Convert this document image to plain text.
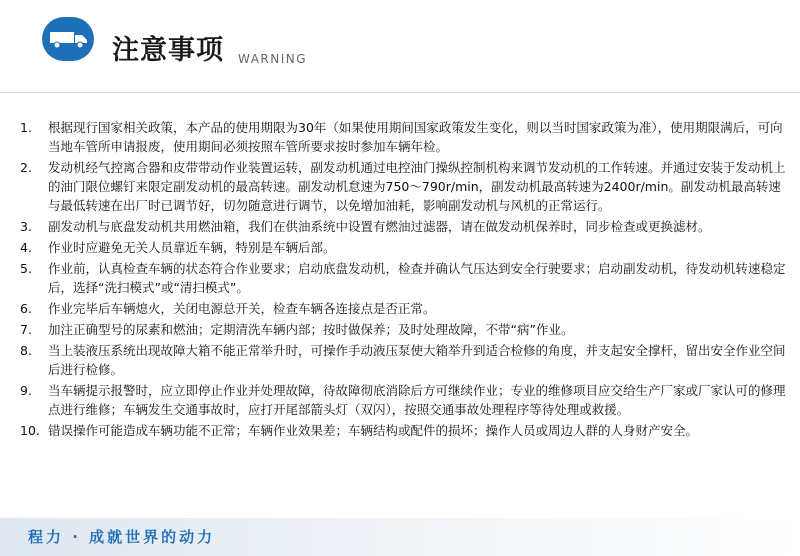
注意事项 WARNING
1.	根据现行国家相关政策，本产品的使用期限为30年（如果使用期间国家政策发生变化，则以当时国家政策为准），使用期限满后，可向当地车管所申请报废，使用期间必须按照车管所要求按时参加车辆年检。
2.	发动机经气控离合器和皮带带动作业装置运转，副发动机通过电控油门操纵控制机构来调节发动机的工作转速。并通过安装于发动机上的油门限位螺钉来限定副发动机的最高转速。副发动机怠速为750～790r/min，副发动机最高转速为2400r/min。副发动机最高转速与最低转速在出厂时已调节好，切勿随意进行调节，以免增加油耗，影响副发动机与风机的正常运行。
3.	副发动机与底盘发动机共用燃油箱，我们在供油系统中设置有燃油过滤器，请在做发动机保养时，同步检查或更换滤材。
4.	作业时应避免无关人员靠近车辆，特别是车辆后部。
5.	作业前，认真检查车辆的状态符合作业要求；启动底盘发动机，检查并确认气压达到安全行驶要求；启动副发动机，待发动机转速稳定后，选择“洗扫模式”或“清扫模式”。
6.	作业完毕后车辆熄火，关闭电源总开关，检查车辆各连接点是否正常。
7.	加注正确型号的尿素和燃油；定期清洗车辆内部；按时做保养；及时处理故障，不带“病”作业。
8.	当上装液压系统出现故障大箱不能正常举升时，可操作手动液压泵使大箱举升到适合检修的角度，并支起安全撑杆，留出安全作业空间后进行检修。
9.	当车辆提示报警时，应立即停止作业并处理故障，待故障彻底消除后方可继续作业；专业的维修项目应交给生产厂家或厂家认可的修理点进行维修；车辆发生交通事故时，应打开尾部箭头灯（双闪），按照交通事故处理程序等待处理或救援。
10. 错误操作可能造成车辆功能不正常；车辆作业效果差；车辆结构或配件的损坏；操作人员或周边人群的人身财产安全。
程力 · 成就世界的动力
